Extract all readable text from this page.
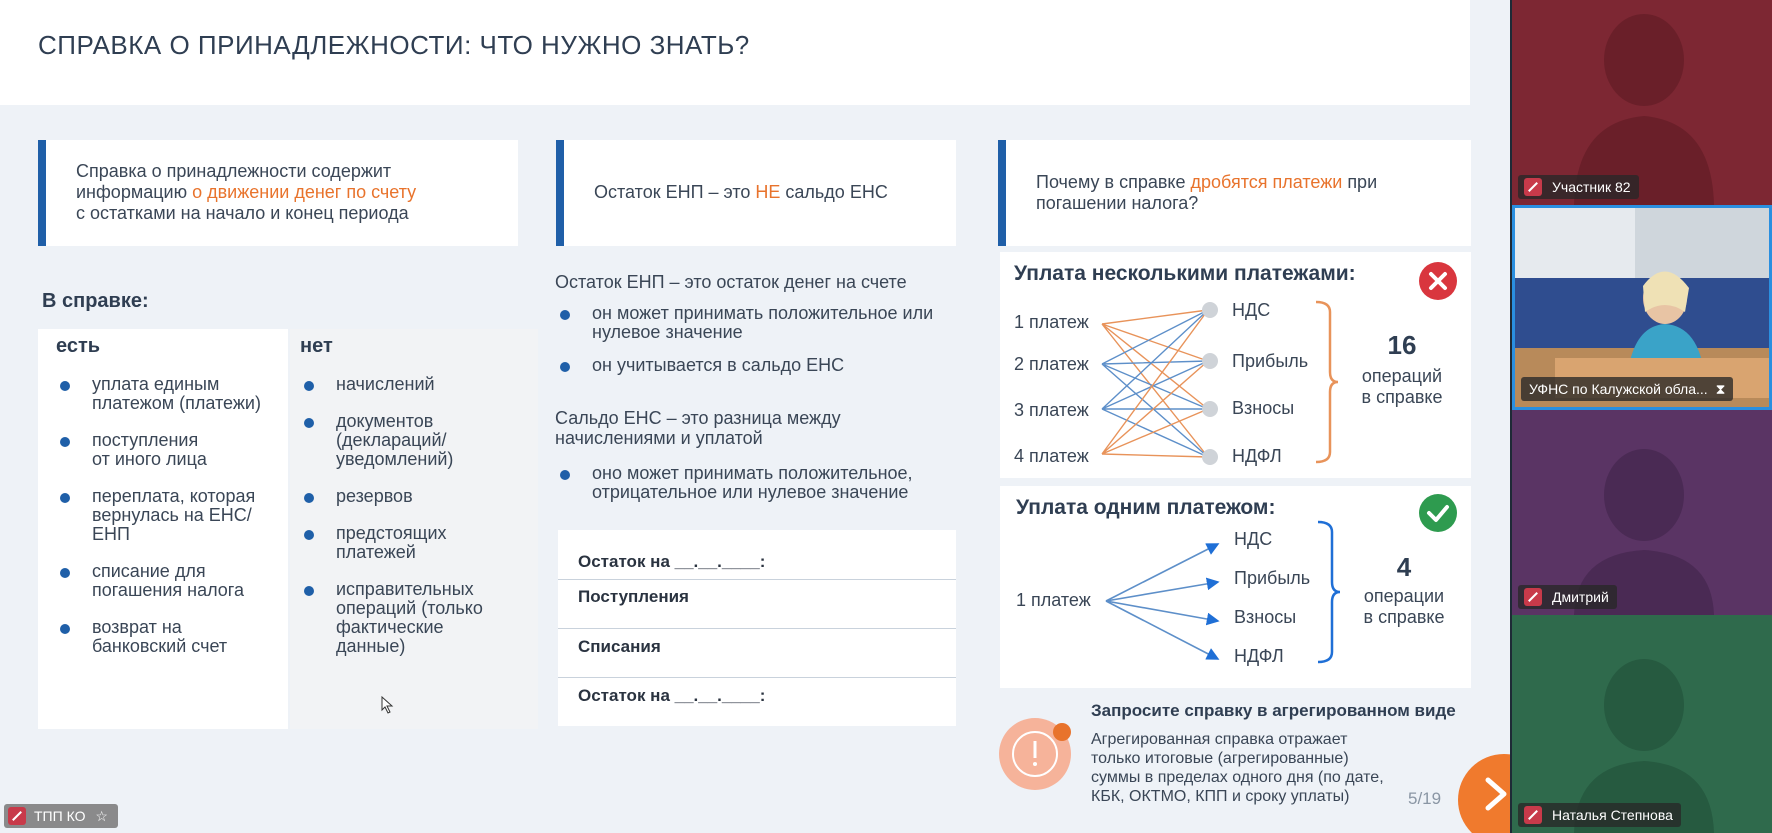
СПРАВКА О ПРИНАДЛЕЖНОСТИ: ЧТО НУЖНО ЗНАТЬ?
Справка о принадлежности содержит
информацию о движении денег по счету
с остатками на начало и конец периода
Остаток ЕНП – это НЕ сальдо ЕНС	Почему в справке дробятся платежи при
погашении налога?
В справке:
есть
уплата единым
платежом (платежи)
поступления
от иного лица
переплата, которая
вернулась на ЕНС/
ЕНП
списание для
погашения налога
возврат на
банковский счет
нет
начислений
документов
(деклараций/
уведомлений)
резервов
предстоящих
платежей
исправительных
операций (только
фактические
данные)
Остаток ЕНП – это остаток денег на счете
он может принимать положительное или
нулевое значение
он учитывается в сальдо ЕНС
Сальдо ЕНС – это разница между
начислениями и уплатой
оно может принимать положительное,
отрицательное или нулевое значение
Остаток на __.__.____:
Поступления
Списания
Остаток на __.__.____:
Уплата несколькими платежами:
1 платеж
2 платеж
3 платеж
4 платеж
НДС
Прибыль
Взносы
НДФЛ
16
операций
в справке
Уплата одним платежом:
1 платеж
НДС
Прибыль
Взносы
НДФЛ
4
операции
в справке
Запросите справку в агрегированном виде
Агрегированная справка отражает
только итоговые (агрегированные)
суммы в пределах одного дня (по дате,
КБК, ОКТМО, КПП и сроку уплаты)	5/19
ТПП КО ☆
Участник 82
УФНС по Калужской обла... ⧗
Дмитрий
Наталья Степнова
